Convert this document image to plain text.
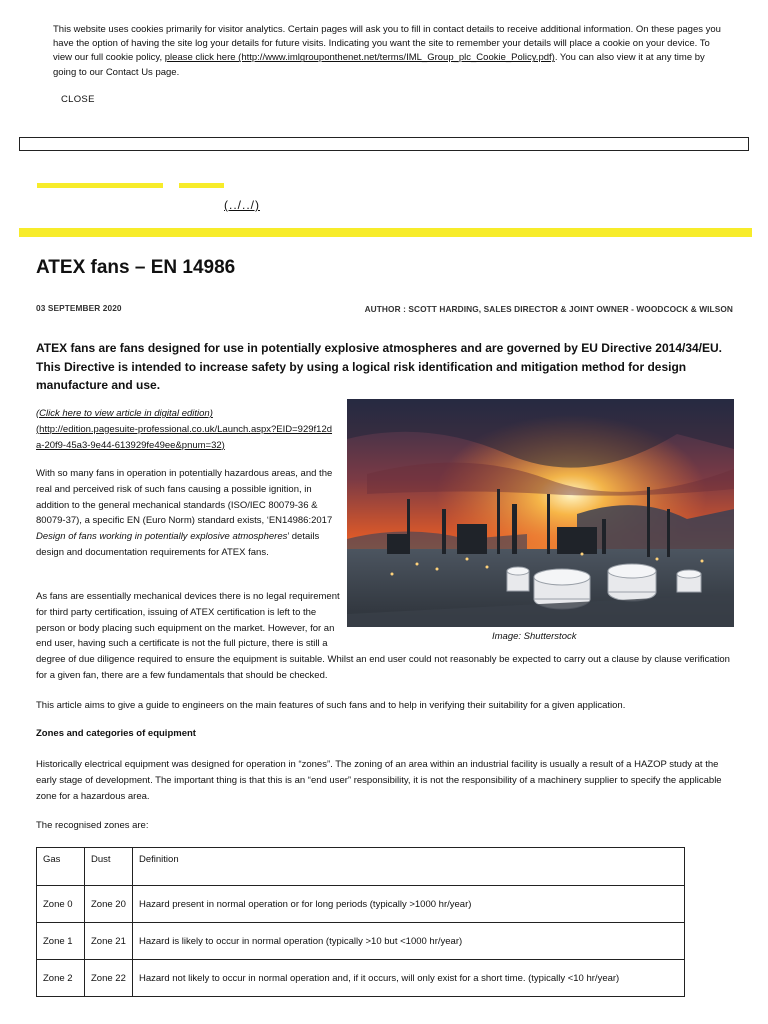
This website uses cookies primarily for visitor analytics. Certain pages will ask you to fill in contact details to receive additional information. On these pages you have the option of having the site log your details for future visits. Indicating you want the site to remember your details will place a cookie on your device. To view our full cookie policy, please click here (http://www.imlgrouponthenet.net/terms/IML_Group_plc_Cookie_Policy.pdf). You can also view it at any time by going to our Contact Us page.
CLOSE
(../../)
ATEX fans – EN 14986
03 SEPTEMBER 2020	AUTHOR : SCOTT HARDING, SALES DIRECTOR & JOINT OWNER - WOODCOCK & WILSON
ATEX fans are fans designed for use in potentially explosive atmospheres and are governed by EU Directive 2014/34/EU. This Directive is intended to increase safety by using a logical risk identification and mitigation method for design manufacture and use.
(Click here to view article in digital edition)
(http://edition.pagesuite-professional.co.uk/Launch.aspx?EID=929f12da-20f9-45a3-9e44-613929fe49ee&pnum=32)
With so many fans in operation in potentially hazardous areas, and the real and perceived risk of such fans causing a possible ignition, in addition to the general mechanical standards (ISO/IEC 80079-36 & 80079-37), a specific EN (Euro Norm) standard exists, ‘EN14986:2017 Design of fans working in potentially explosive atmospheres’ details design and documentation requirements for ATEX fans.
Image: Shutterstock
As fans are essentially mechanical devices there is no legal requirement for third party certification, issuing of ATEX certification is left to the person or body placing such equipment on the market. However, for an end user, having such a certificate is not the full picture, there is still a degree of due diligence required to ensure the equipment is suitable. Whilst an end user could not reasonably be expected to carry out a clause by clause verification for a given fan, there are a few fundamentals that should be checked.
This article aims to give a guide to engineers on the main features of such fans and to help in verifying their suitability for a given application.
Zones and categories of equipment
Historically electrical equipment was designed for operation in “zones”. The zoning of an area within an industrial facility is usually a result of a HAZOP study at the early stage of development. The important thing is that this is an “end user” responsibility, it is not the responsibility of a machinery supplier to specify the applicable zone for a hazardous area.
The recognised zones are:
Gas	Dust	Definition
Zone 0	Zone 20	Hazard present in normal operation or for long periods (typically >1000 hr/year)
Zone 1	Zone 21	Hazard is likely to occur in normal operation (typically >10 but <1000 hr/year)
Zone 2	Zone 22	Hazard not likely to occur in normal operation and, if it occurs, will only exist for a short time. (typically <10 hr/year)
